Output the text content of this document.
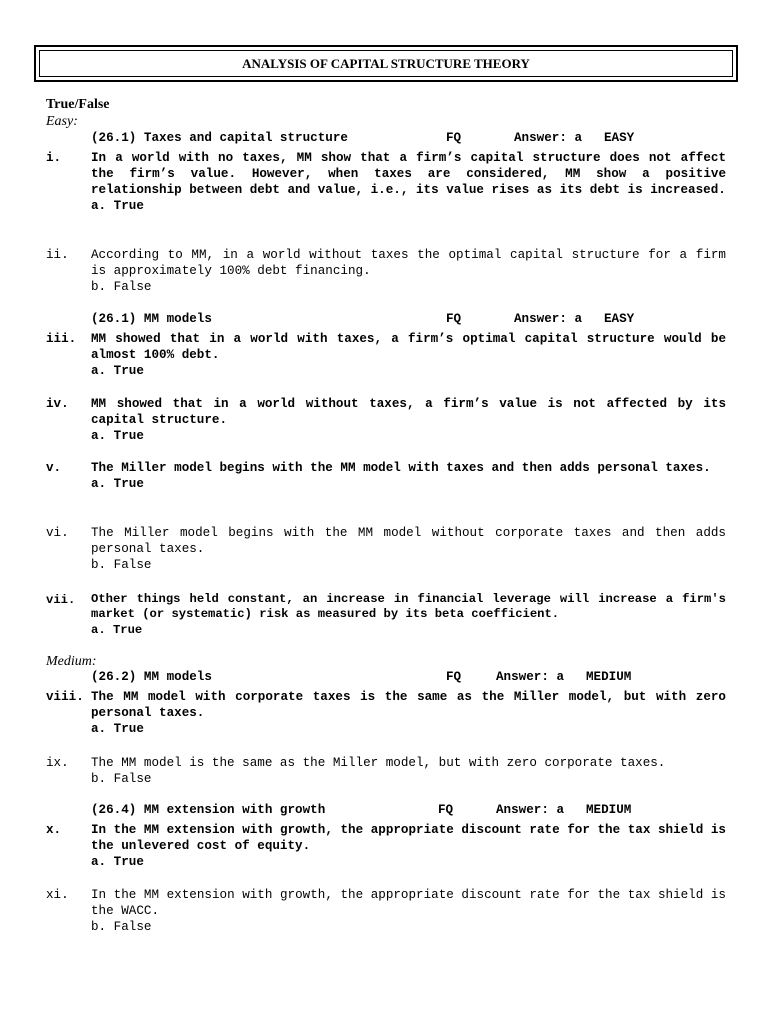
ANALYSIS OF CAPITAL STRUCTURE THEORY
True/False
Easy:
(26.1) Taxes and capital structure	FQ	Answer: a EASY
i.	In a world with no taxes, MM show that a firm’s capital structure does not affect the firm’s value. However, when taxes are considered, MM show a positive relationship between debt and value, i.e., its value rises as its debt is increased.
a. True
ii.	According to MM, in a world without taxes the optimal capital structure for a firm is approximately 100% debt financing.
b. False
(26.1) MM models	FQ	Answer: a EASY
iii.	MM showed that in a world with taxes, a firm’s optimal capital structure would be almost 100% debt.
a. True
iv.	MM showed that in a world without taxes, a firm’s value is not affected by its capital structure.
a. True
v.	The Miller model begins with the MM model with taxes and then adds personal taxes.
a. True
vi.	The Miller model begins with the MM model without corporate taxes and then adds personal taxes.
b. False
vii.	Other things held constant, an increase in financial leverage will increase a firm's market (or systematic) risk as measured by its beta coefficient.
a. True
Medium:
(26.2) MM models	FQ	Answer: a MEDIUM
viii. The MM model with corporate taxes is the same as the Miller model, but with zero personal taxes.
a. True
ix.	The MM model is the same as the Miller model, but with zero corporate taxes.
b. False
(26.4) MM extension with growth	FQ	Answer: a MEDIUM
x.	In the MM extension with growth, the appropriate discount rate for the tax shield is the unlevered cost of equity.
a. True
xi.	In the MM extension with growth, the appropriate discount rate for the tax shield is the WACC.
b. False
